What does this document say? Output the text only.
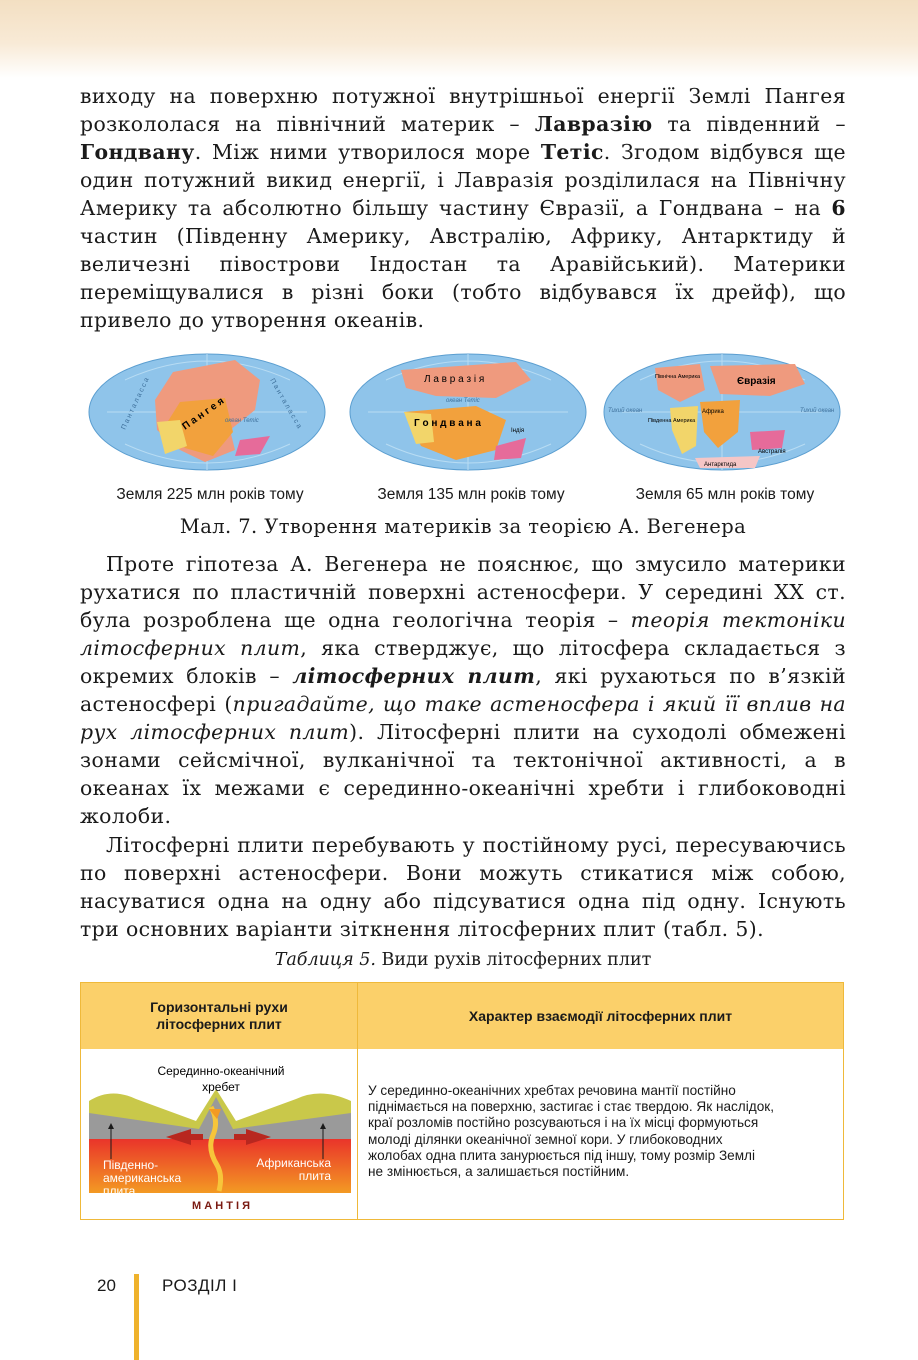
виходу на поверхню потужної внутрішньої енергії Землі Пангея розкололася на північний материк – Лавразію та південний – Гондвану. Між ними утворилося море Тетіс. Згодом відбувся ще один потужний викид енергії, і Лавразія розділилася на Північну Америку та абсолютно більшу частину Євразії, а Гондвана – на 6 частин (Південну Америку, Австралію, Африку, Антарктиду й величезні півострови Індостан та Аравійський). Материки переміщувалися в різні боки (тобто відбувався їх дрейф), що привело до утворення океанів.

П а н г е я
П а н т а л а с с а	П а н т а л а с с а
океан Тетіс
Земля 225 млн років тому
Л а в р а з і я
Г о н д в а н а
Індія
океан Тетіс
Земля 135 млн років тому
Євразія
Північна Америка
Африка
Південна Америка
Австралія
Антарктида
Тихий океан	Тихий океан
Земля 65 млн років тому
Мал. 7. Утворення материків за теорією А. Вегенера

Проте гіпотеза А. Вегенера не пояснює, що змусило материки рухатися по пластичній поверхні астеносфери. У середині XX ст. була розроблена ще одна геологічна теорія – теорія тектоніки літосферних плит, яка стверджує, що літосфера складається з окремих блоків – літосферних плит, які рухаються по в’язкій астеносфері (пригадайте, що таке астеносфера і який її вплив на рух літосферних плит). Літосферні плити на суходолі обмежені зонами сейсмічної, вулканічної та тектонічної активності, а в океанах їх межами є серединно-океанічні хребти і глибоководні жолоби.

Літосферні плити перебувають у постійному русі, пересуваючись по поверхні астеносфери. Вони можуть стикатися між собою, насуватися одна на одну або підсуватися одна під одну. Існують три основних варіанти зіткнення літосферних плит (табл. 5).

Таблиця 5. Види рухів літосферних плит
Горизонтальні рухи літосферних плит
Характер взаємодії літосферних плит
Серединно-океанічний
хребет
Південно-
американська
плита
Африканська
плита
М А Н Т І Я
У серединно-океанічних хребтах речовина мантії постійно
піднімається на поверхню, застигає і стає твердою. Як наслідок,
краї розломів постійно розсуваються і на їх місці формуються
молоді ділянки океанічної земної кори. У глибоководних
жолобах одна плита занурюється під іншу, тому розмір Землі
не змінюється, а залишається постійним.
20	РОЗДІЛ І
